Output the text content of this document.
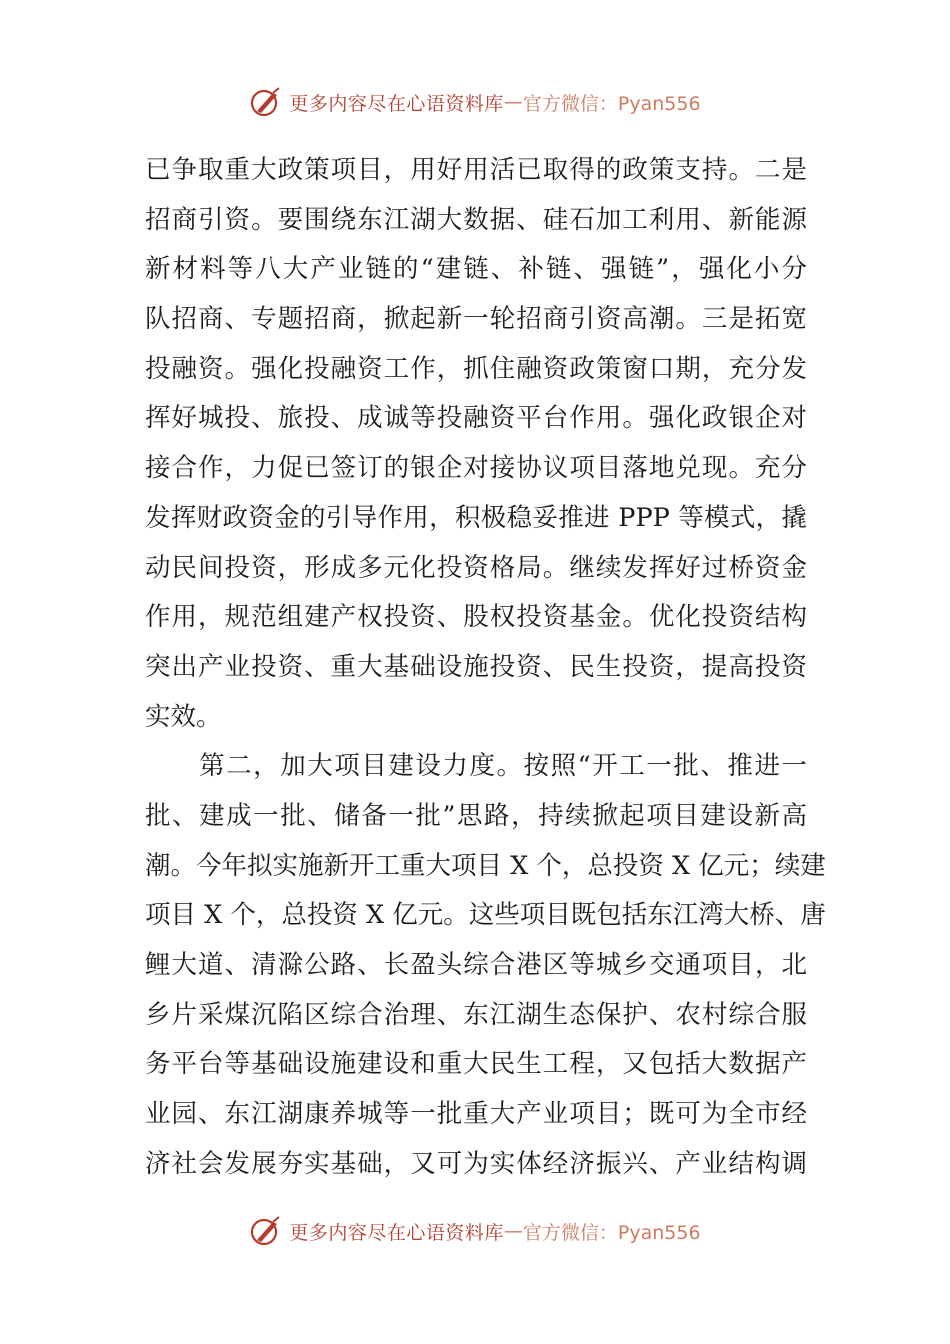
更多内容尽在心语资料库 — 官方微信：Pyan556
已争取重大政策项目，用好用活已取得的政策支持。二是
招商引资。要围绕东江湖大数据、硅石加工利用、新能源
新材料等八大产业链的“建链、补链、强链”，强化小分
队招商、专题招商，掀起新一轮招商引资高潮。三是拓宽
投融资。强化投融资工作，抓住融资政策窗口期，充分发
挥好城投、旅投、成诚等投融资平台作用。强化政银企对
接合作，力促已签订的银企对接协议项目落地兑现。充分
发挥财政资金的引导作用，积极稳妥推进 PPP 等模式，撬
动民间投资，形成多元化投资格局。继续发挥好过桥资金
作用，规范组建产权投资、股权投资基金。优化投资结构
突出产业投资、重大基础设施投资、民生投资，提高投资
实效。
　　第二，加大项目建设力度。按照“开工一批、推进一
批、建成一批、储备一批”思路，持续掀起项目建设新高
潮。今年拟实施新开工重大项目 X 个，总投资 X 亿元；续建
项目 X 个，总投资 X 亿元。这些项目既包括东江湾大桥、唐
鲤大道、清滁公路、长盈头综合港区等城乡交通项目，北
乡片采煤沉陷区综合治理、东江湖生态保护、农村综合服
务平台等基础设施建设和重大民生工程，又包括大数据产
业园、东江湖康养城等一批重大产业项目；既可为全市经
济社会发展夯实基础，又可为实体经济振兴、产业结构调
更多内容尽在心语资料库 — 官方微信：Pyan556
